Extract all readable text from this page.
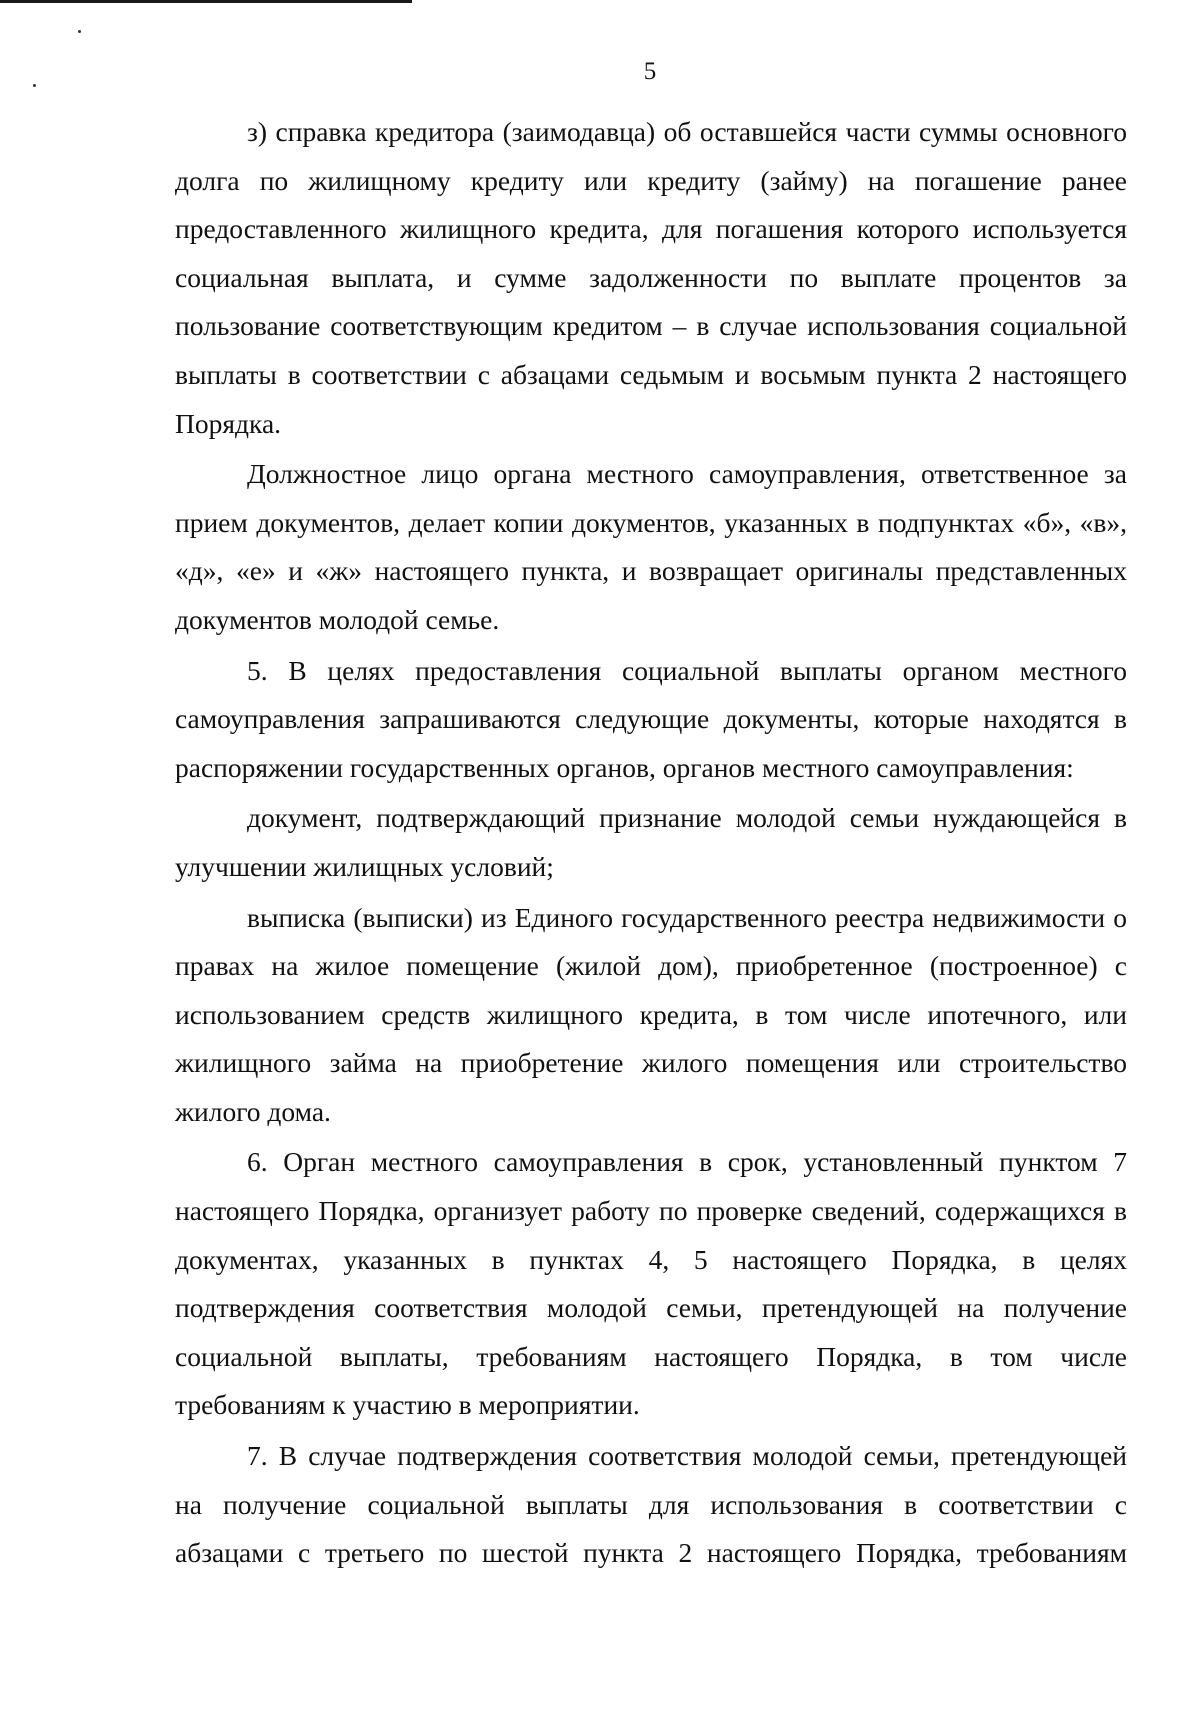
5

з) справка кредитора (заимодавца) об оставшейся части суммы основного долга по жилищному кредиту или кредиту (займу) на погашение ранее предоставленного жилищного кредита, для погашения которого используется социальная выплата, и сумме задолженности по выплате процентов за пользование соответствующим кредитом – в случае использования социальной выплаты в соответствии с абзацами седьмым и восьмым пункта 2 настоящего Порядка.

Должностное лицо органа местного самоуправления, ответственное за прием документов, делает копии документов, указанных в подпунктах «б», «в», «д», «е» и «ж» настоящего пункта, и возвращает оригиналы представленных документов молодой семье.

5. В целях предоставления социальной выплаты органом местного самоуправления запрашиваются следующие документы, которые находятся в распоряжении государственных органов, органов местного самоуправления:

документ, подтверждающий признание молодой семьи нуждающейся в улучшении жилищных условий;

выписка (выписки) из Единого государственного реестра недвижимости о правах на жилое помещение (жилой дом), приобретенное (построенное) с использованием средств жилищного кредита, в том числе ипотечного, или жилищного займа на приобретение жилого помещения или строительство жилого дома.

6. Орган местного самоуправления в срок, установленный пунктом 7 настоящего Порядка, организует работу по проверке сведений, содержащихся в документах, указанных в пунктах 4, 5 настоящего Порядка, в целях подтверждения соответствия молодой семьи, претендующей на получение социальной выплаты, требованиям настоящего Порядка, в том числе требованиям к участию в мероприятии.

7. В случае подтверждения соответствия молодой семьи, претендующей на получение социальной выплаты для использования в соответствии с абзацами с третьего по шестой пункта 2 настоящего Порядка, требованиям
